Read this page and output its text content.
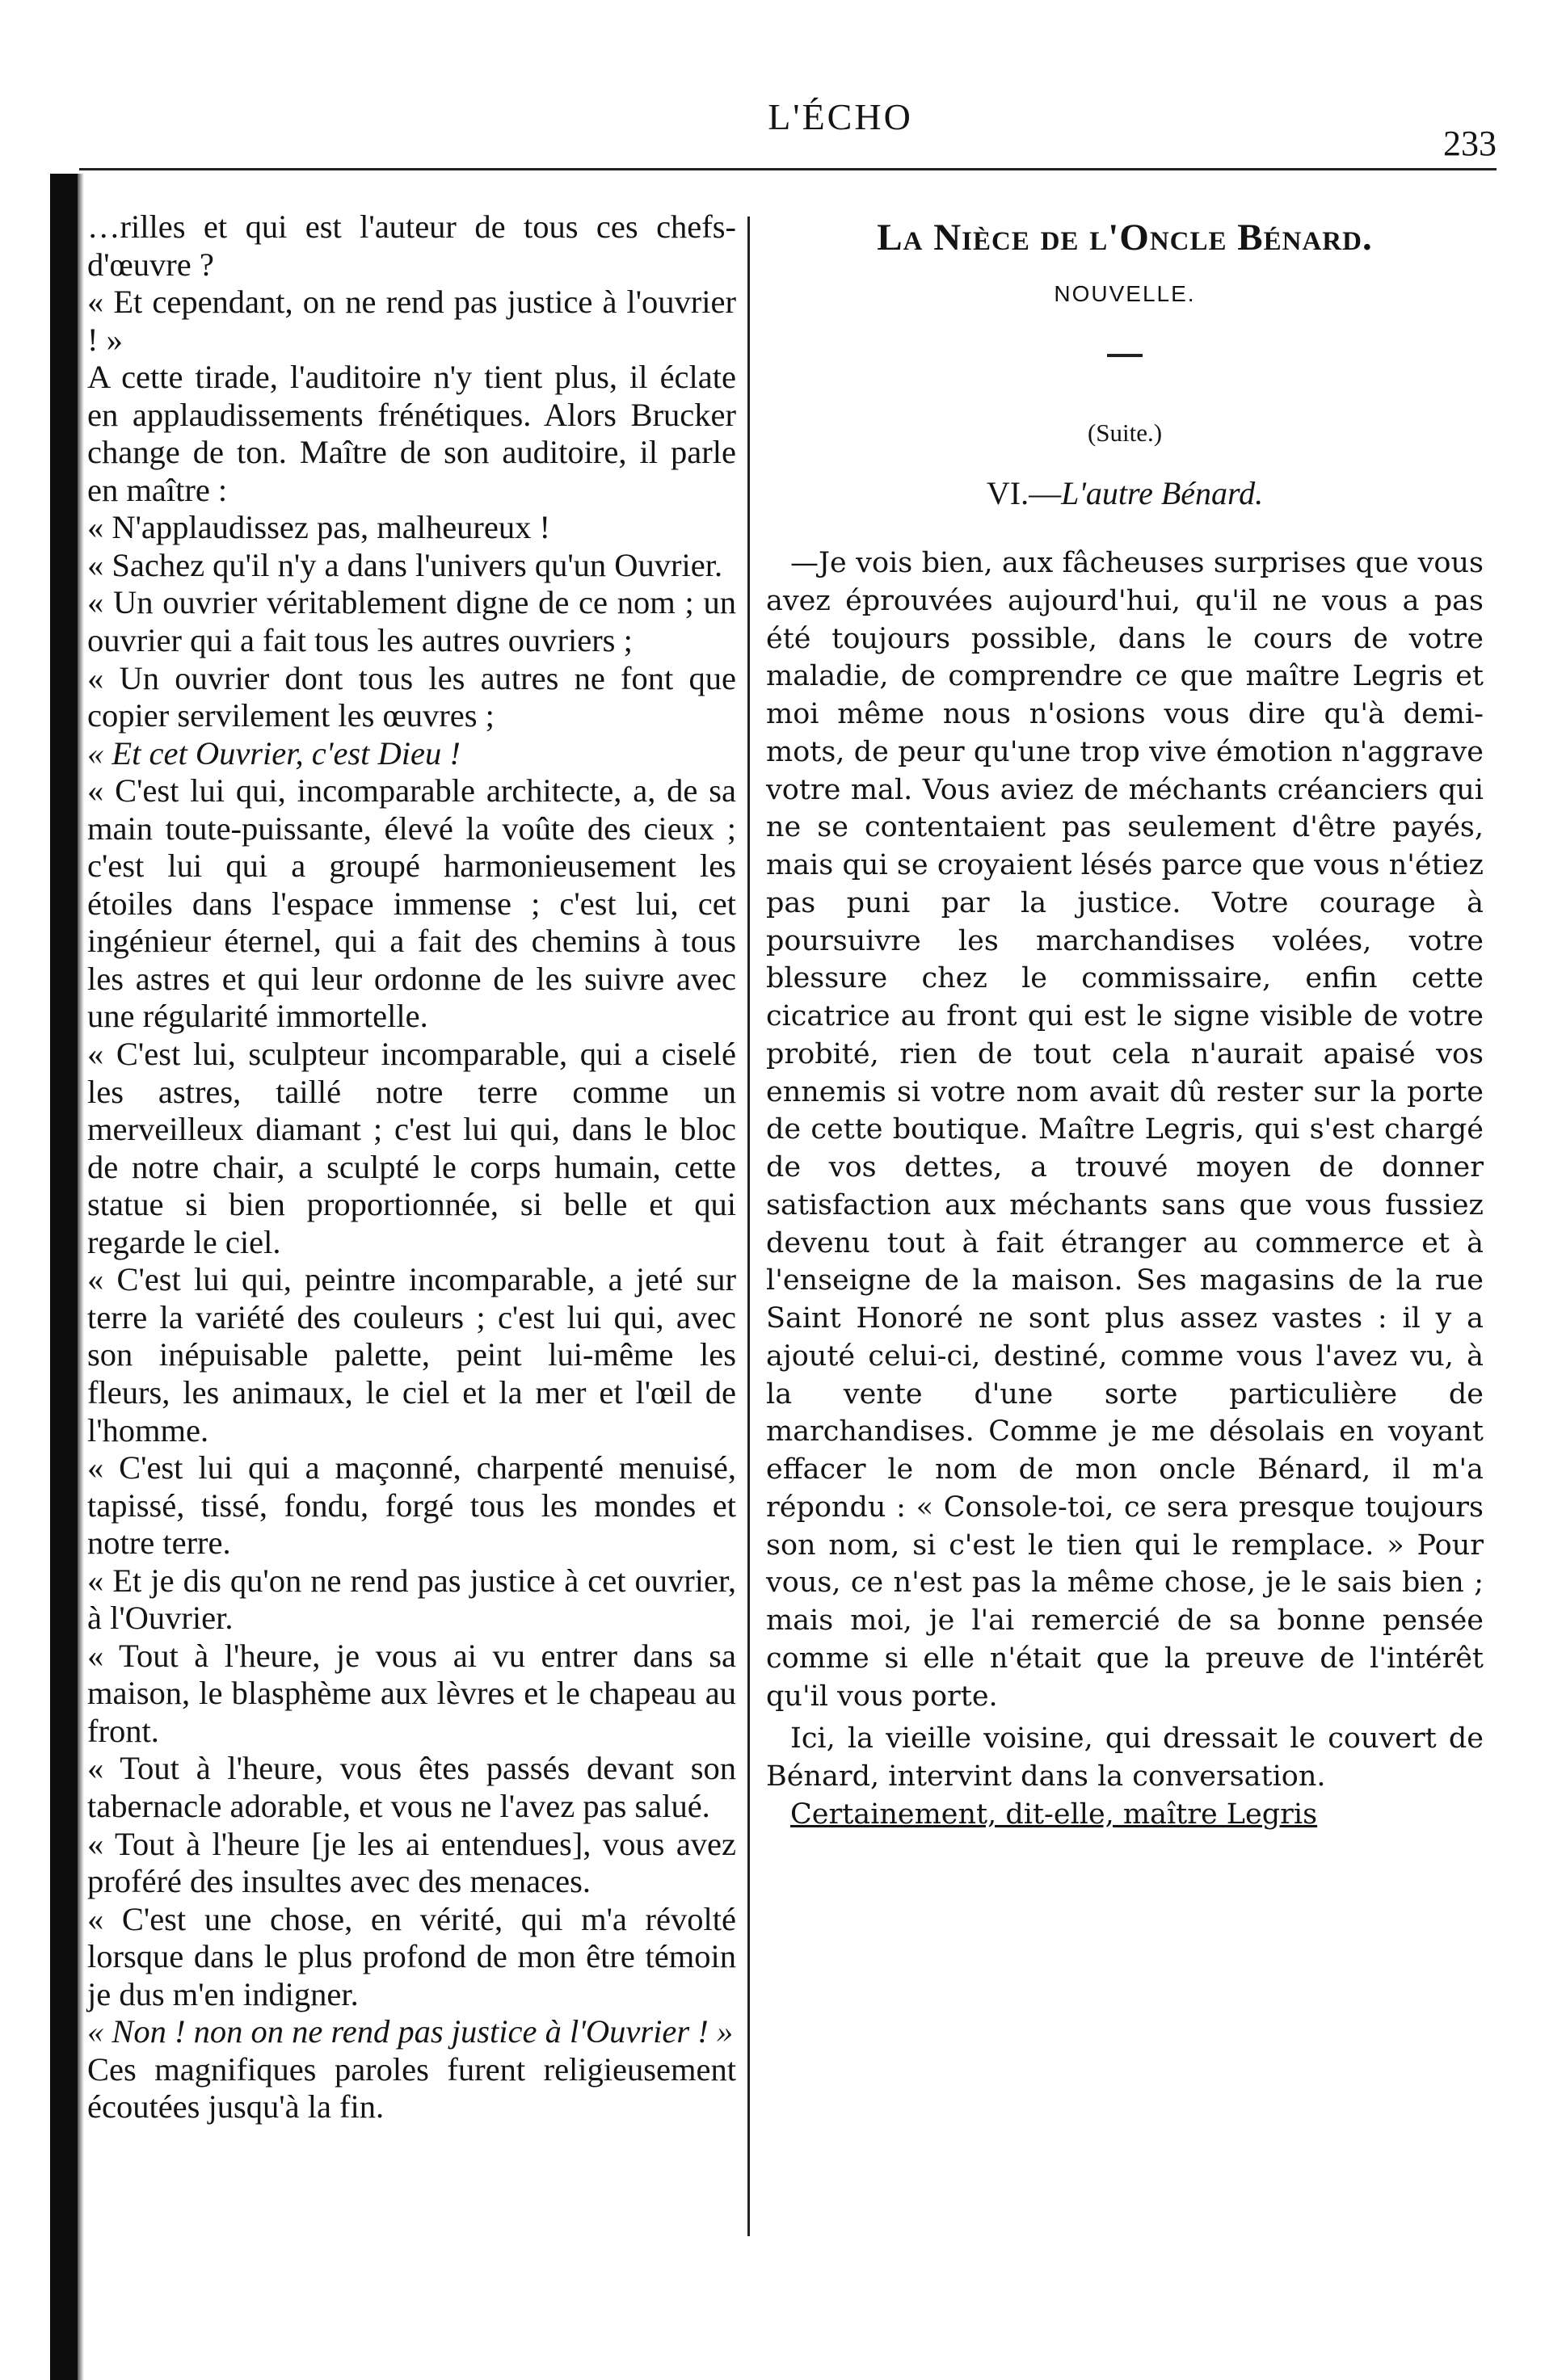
L'ÉCHO
233

…rilles et qui est l'auteur de tous ces chefs-d'œuvre ?

« Et cependant, on ne rend pas justice à l'ouvrier ! »

A cette tirade, l'auditoire n'y tient plus, il éclate en applaudissements frénétiques. Alors Brucker change de ton. Maître de son auditoire, il parle en maître :

« N'applaudissez pas, malheureux !

« Sachez qu'il n'y a dans l'univers qu'un Ouvrier.

« Un ouvrier véritablement digne de ce nom ; un ouvrier qui a fait tous les autres ouvriers ;

« Un ouvrier dont tous les autres ne font que copier servilement les œuvres ;

« Et cet Ouvrier, c'est Dieu !

« C'est lui qui, incomparable architecte, a, de sa main toute-puissante, élevé la voûte des cieux ; c'est lui qui a groupé harmonieusement les étoiles dans l'espace immense ; c'est lui, cet ingénieur éternel, qui a fait des chemins à tous les astres et qui leur ordonne de les suivre avec une régularité immortelle.

« C'est lui, sculpteur incomparable, qui a ciselé les astres, taillé notre terre comme un merveilleux diamant ; c'est lui qui, dans le bloc de notre chair, a sculpté le corps humain, cette statue si bien proportionnée, si belle et qui regarde le ciel.

« C'est lui qui, peintre incomparable, a jeté sur terre la variété des couleurs ; c'est lui qui, avec son inépuisable palette, peint lui-même les fleurs, les animaux, le ciel et la mer et l'œil de l'homme.

« C'est lui qui a maçonné, charpenté menuisé, tapissé, tissé, fondu, forgé tous les mondes et notre terre.

« Et je dis qu'on ne rend pas justice à cet ouvrier, à l'Ouvrier.

« Tout à l'heure, je vous ai vu entrer dans sa maison, le blasphème aux lèvres et le chapeau au front.

« Tout à l'heure, vous êtes passés devant son tabernacle adorable, et vous ne l'avez pas salué.

« Tout à l'heure [je les ai entendues], vous avez proféré des insultes avec des menaces.

« C'est une chose, en vérité, qui m'a révolté lorsque dans le plus profond de mon être témoin je dus m'en indigner.

« Non ! non on ne rend pas justice à l'Ouvrier ! »

Ces magnifiques paroles furent religieusement écoutées jusqu'à la fin.

La Nièce de l'Oncle Bénard.

NOUVELLE.

(Suite.)

VI.—L'autre Bénard.

—Je vois bien, aux fâcheuses surprises que vous avez éprouvées aujourd'hui, qu'il ne vous a pas été toujours possible, dans le cours de votre maladie, de comprendre ce que maître Legris et moi même nous n'osions vous dire qu'à demi-mots, de peur qu'une trop vive émotion n'aggrave votre mal. Vous aviez de méchants créanciers qui ne se contentaient pas seulement d'être payés, mais qui se croyaient lésés parce que vous n'étiez pas puni par la justice. Votre courage à poursuivre les marchandises volées, votre blessure chez le commissaire, enfin cette cicatrice au front qui est le signe visible de votre probité, rien de tout cela n'aurait apaisé vos ennemis si votre nom avait dû rester sur la porte de cette boutique. Maître Legris, qui s'est chargé de vos dettes, a trouvé moyen de donner satisfaction aux méchants sans que vous fussiez devenu tout à fait étranger au commerce et à l'enseigne de la maison. Ses magasins de la rue Saint Honoré ne sont plus assez vastes : il y a ajouté celui-ci, destiné, comme vous l'avez vu, à la vente d'une sorte particulière de marchandises. Comme je me désolais en voyant effacer le nom de mon oncle Bénard, il m'a répondu : « Console-toi, ce sera presque toujours son nom, si c'est le tien qui le remplace. » Pour vous, ce n'est pas la même chose, je le sais bien ; mais moi, je l'ai remercié de sa bonne pensée comme si elle n'était que la preuve de l'intérêt qu'il vous porte.

Ici, la vieille voisine, qui dressait le couvert de Bénard, intervint dans la conversation.

Certainement, dit-elle, maître Legris
